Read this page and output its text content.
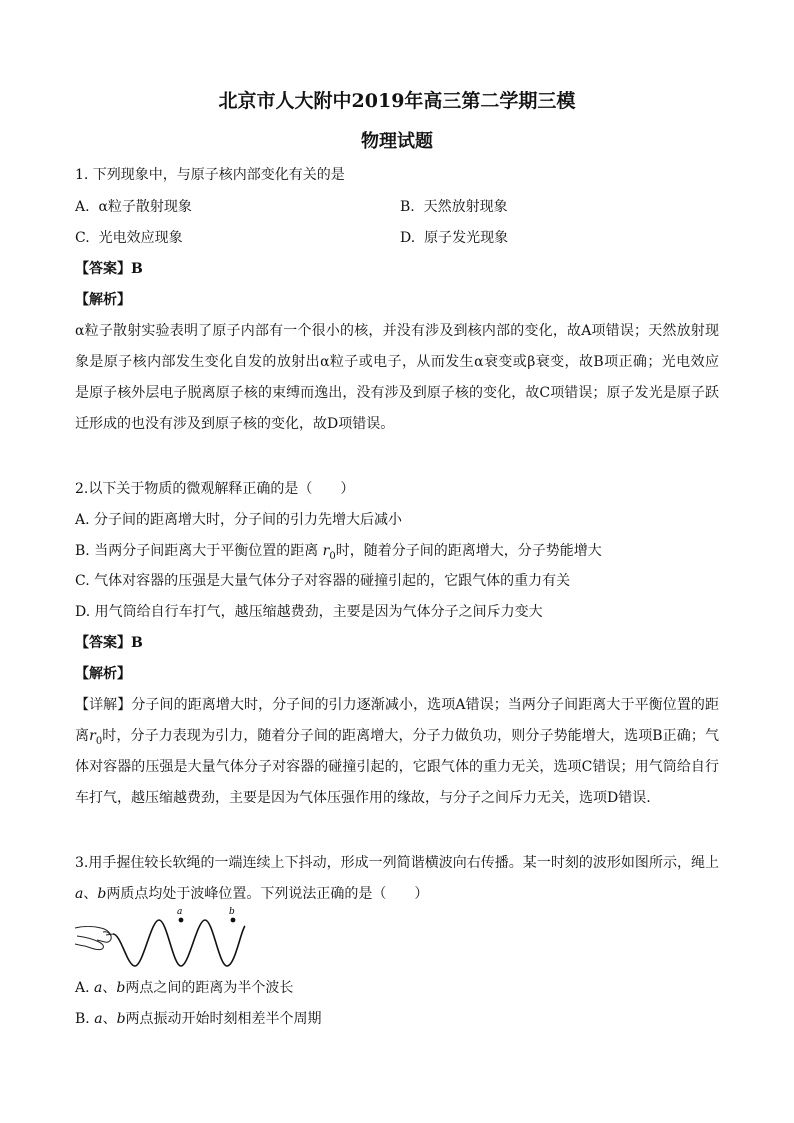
北京市人大附中2019年高三第二学期三模
物理试题
1. 下列现象中，与原子核内部变化有关的是
A. α粒子散射现象	B. 天然放射现象
C. 光电效应现象	D. 原子发光现象
【答案】B
【解析】
α粒子散射实验表明了原子内部有一个很小的核，并没有涉及到核内部的变化，故A项错误；天然放射现
象是原子核内部发生变化自发的放射出α粒子或电子，从而发生α衰变或β衰变，故B项正确；光电效应
是原子核外层电子脱离原子核的束缚而逸出，没有涉及到原子核的变化，故C项错误；原子发光是原子跃
迁形成的也没有涉及到原子核的变化，故D项错误。
2.以下关于物质的微观解释正确的是（　　）
A. 分子间的距离增大时，分子间的引力先增大后减小
B. 当两分子间距离大于平衡位置的距离 $r_0$时，随着分子间的距离增大，分子势能增大
C. 气体对容器的压强是大量气体分子对容器的碰撞引起的，它跟气体的重力有关
D. 用气筒给自行车打气，越压缩越费劲，主要是因为气体分子之间斥力变大
【答案】B
【解析】
【详解】分子间的距离增大时，分子间的引力逐渐减小，选项A错误；当两分子间距离大于平衡位置的距
离$r_0$时，分子力表现为引力，随着分子间的距离增大，分子力做负功，则分子势能增大，选项B正确；气
体对容器的压强是大量气体分子对容器的碰撞引起的，它跟气体的重力无关，选项C错误；用气筒给自行
车打气，越压缩越费劲，主要是因为气体压强作用的缘故，与分子之间斥力无关，选项D错误.
3.用手握住较长软绳的一端连续上下抖动，形成一列简谐横波向右传播。某一时刻的波形如图所示，绳上
a、b两质点均处于波峰位置。下列说法正确的是（　　）
a	b
A. a、b两点之间的距离为半个波长
B. a、b两点振动开始时刻相差半个周期
